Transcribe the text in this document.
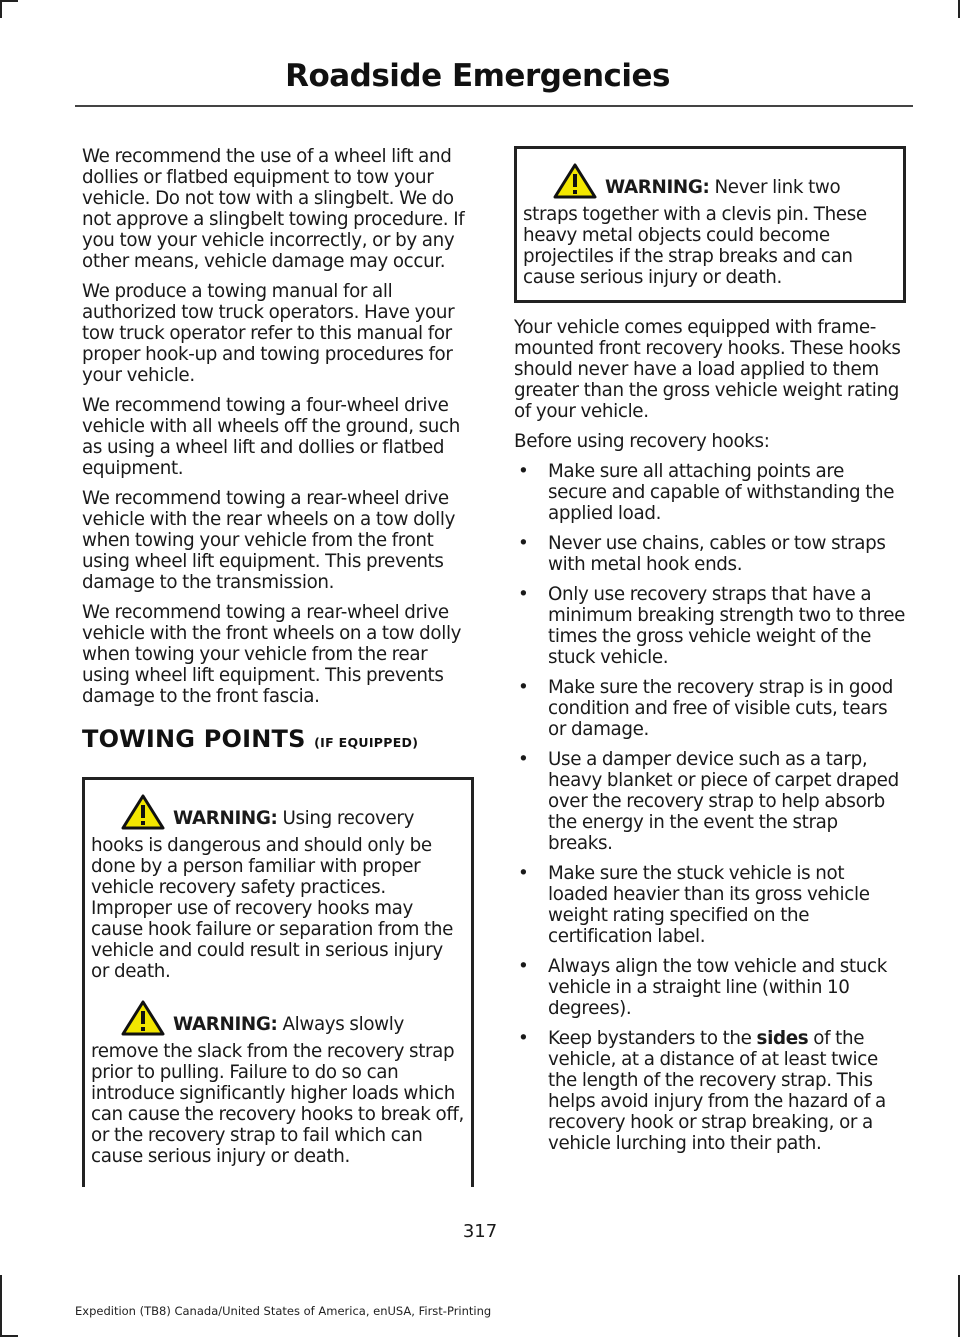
Roadside Emergencies

We recommend the use of a wheel lift and dollies or flatbed equipment to tow your vehicle. Do not tow with a slingbelt. We do not approve a slingbelt towing procedure. If you tow your vehicle incorrectly, or by any other means, vehicle damage may occur.

We produce a towing manual for all authorized tow truck operators. Have your tow truck operator refer to this manual for proper hook-up and towing procedures for your vehicle.

We recommend towing a four-wheel drive vehicle with all wheels off the ground, such as using a wheel lift and dollies or flatbed equipment.

We recommend towing a rear-wheel drive vehicle with the rear wheels on a tow dolly when towing your vehicle from the front using wheel lift equipment. This prevents damage to the transmission.

We recommend towing a rear-wheel drive vehicle with the front wheels on a tow dolly when towing your vehicle from the rear using wheel lift equipment. This prevents damage to the front fascia.

TOWING POINTS (IF EQUIPPED)

WARNING: Using recovery hooks is dangerous and should only be done by a person familiar with proper vehicle recovery safety practices. Improper use of recovery hooks may cause hook failure or separation from the vehicle and could result in serious injury or death.

WARNING: Always slowly remove the slack from the recovery strap prior to pulling. Failure to do so can introduce significantly higher loads which can cause the recovery hooks to break off, or the recovery strap to fail which can cause serious injury or death.

WARNING: Never link two straps together with a clevis pin. These heavy metal objects could become projectiles if the strap breaks and can cause serious injury or death.

Your vehicle comes equipped with frame-mounted front recovery hooks. These hooks should never have a load applied to them greater than the gross vehicle weight rating of your vehicle.

Before using recovery hooks:

• Make sure all attaching points are secure and capable of withstanding the applied load.
• Never use chains, cables or tow straps with metal hook ends.
• Only use recovery straps that have a minimum breaking strength two to three times the gross vehicle weight of the stuck vehicle.
• Make sure the recovery strap is in good condition and free of visible cuts, tears or damage.
• Use a damper device such as a tarp, heavy blanket or piece of carpet draped over the recovery strap to help absorb the energy in the event the strap breaks.
• Make sure the stuck vehicle is not loaded heavier than its gross vehicle weight rating specified on the certification label.
• Always align the tow vehicle and stuck vehicle in a straight line (within 10 degrees).
• Keep bystanders to the sides of the vehicle, at a distance of at least twice the length of the recovery strap. This helps avoid injury from the hazard of a recovery hook or strap breaking, or a vehicle lurching into their path.
317
Expedition (TB8) Canada/United States of America, enUSA, First-Printing
